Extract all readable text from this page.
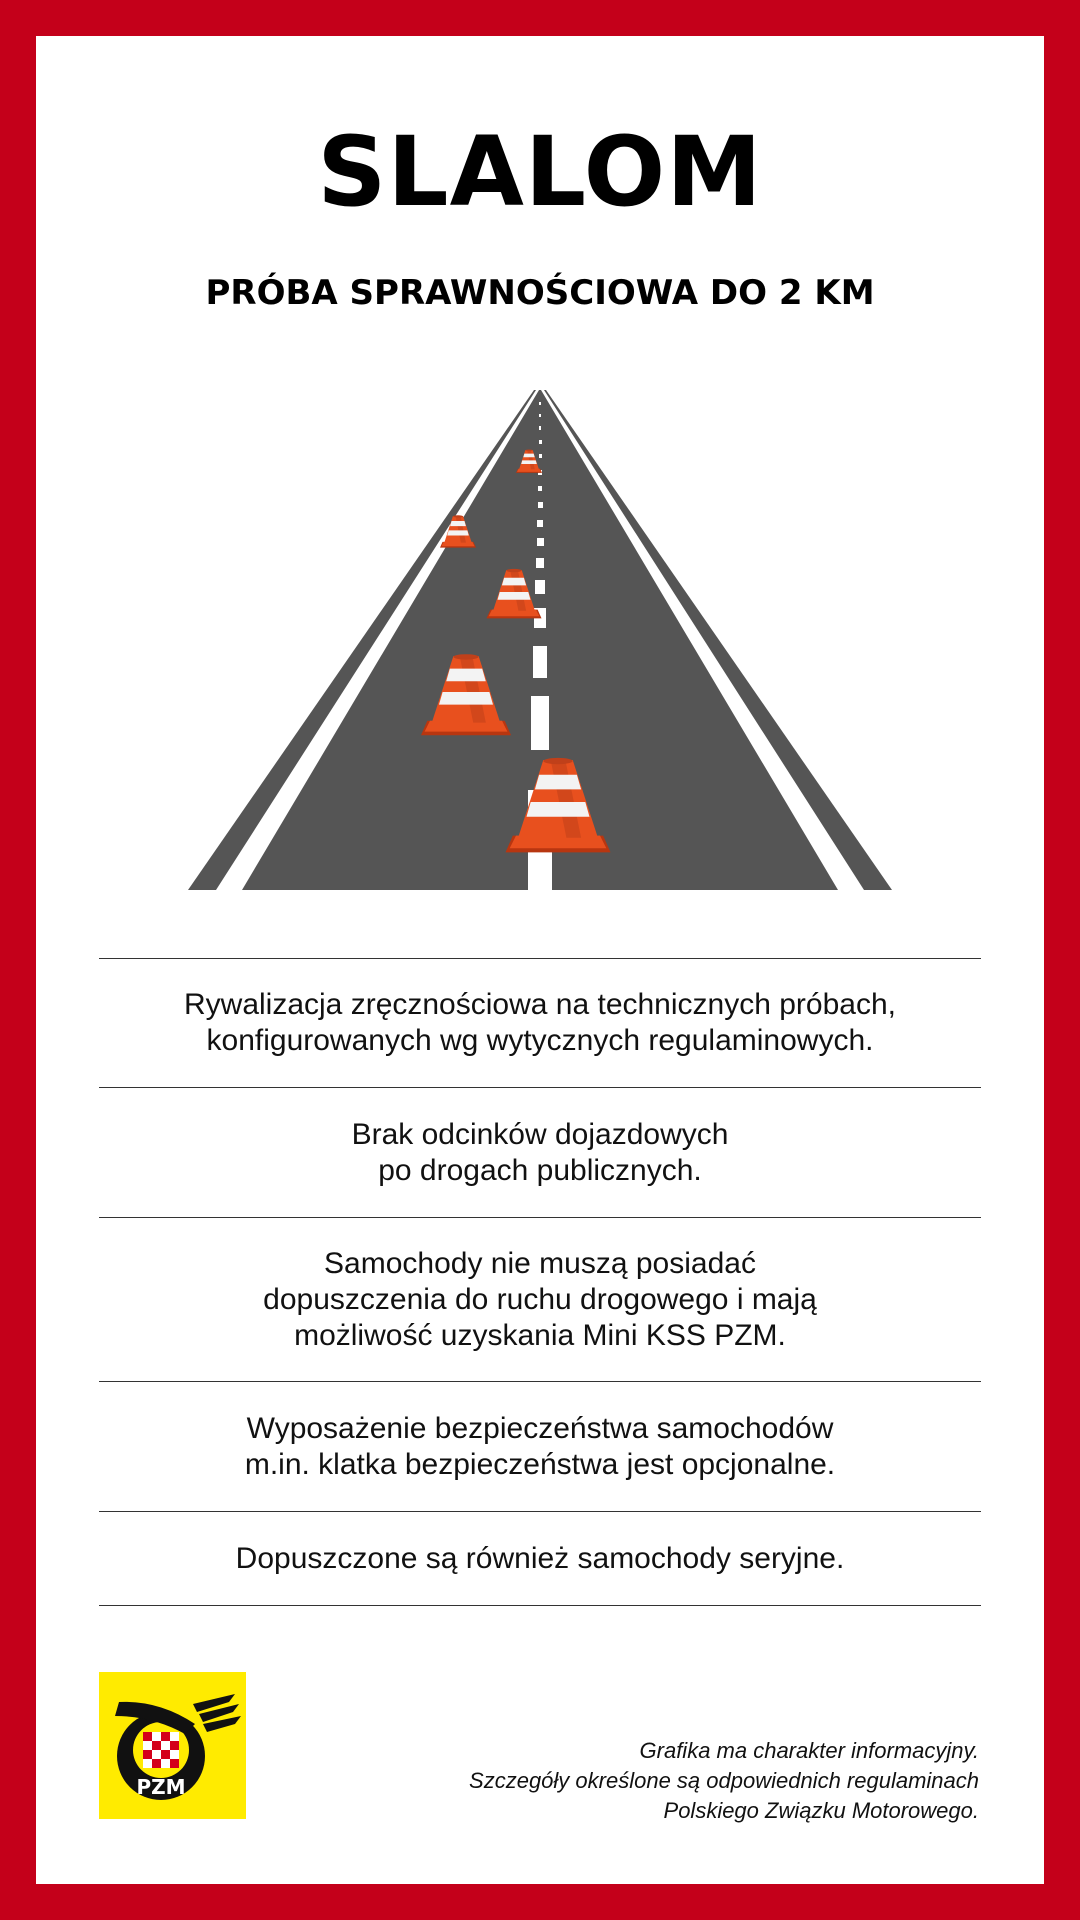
SLALOM
PRÓBA SPRAWNOŚCIOWA DO 2 KM
Rywalizacja zręcznościowa na technicznych próbach,
konfigurowanych wg wytycznych regulaminowych.
Brak odcinków dojazdowych
po drogach publicznych.
Samochody nie muszą posiadać
dopuszczenia do ruchu drogowego i mają
możliwość uzyskania Mini KSS PZM.
Wyposażenie bezpieczeństwa samochodów
m.in. klatka bezpieczeństwa jest opcjonalne.
Dopuszczone są również samochody seryjne.
PZM
Grafika ma charakter informacyjny.
Szczegóły określone są odpowiednich regulaminach
Polskiego Związku Motorowego.
